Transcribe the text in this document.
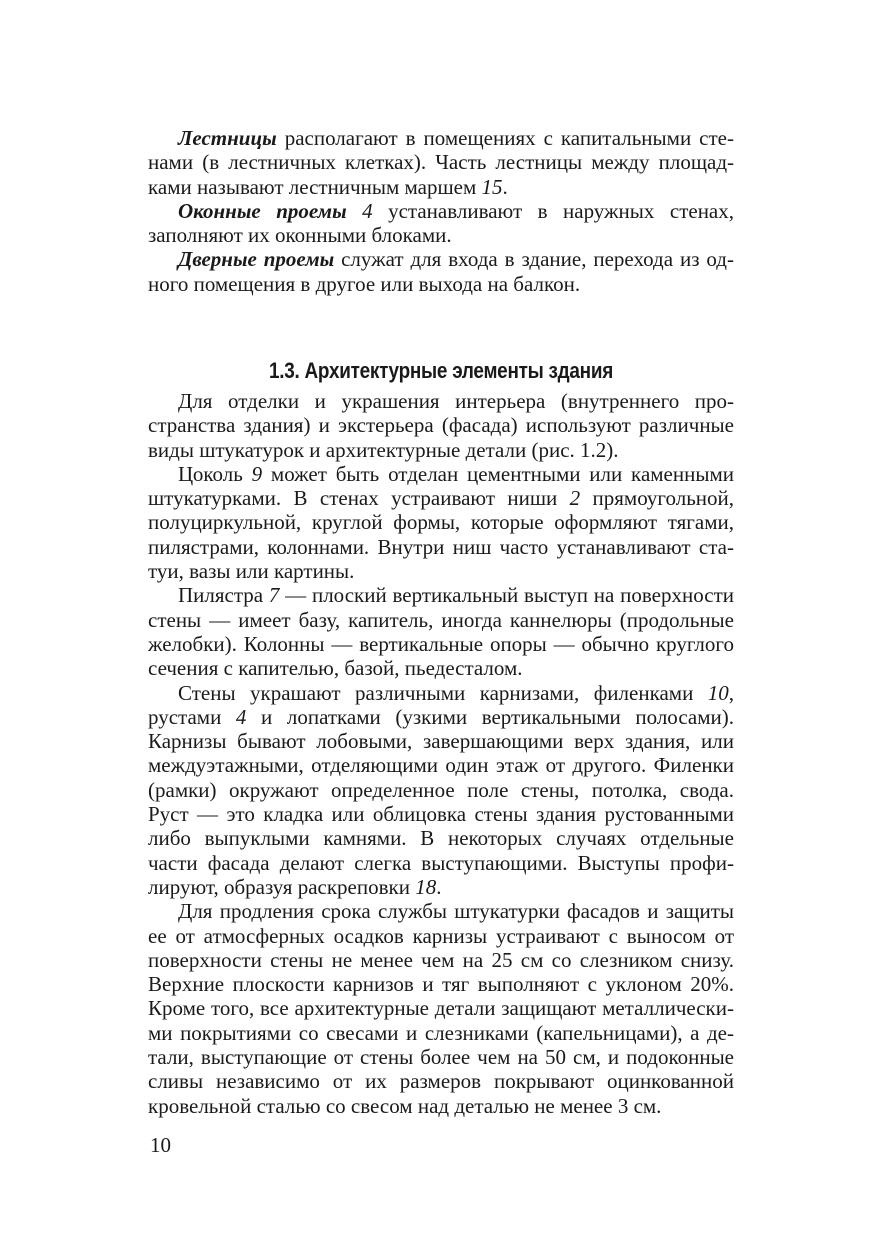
Лестницы располагают в помещениях с капитальными стенами (в лестничных клетках). Часть лестницы между площадками называют лестничным маршем 15.

Оконные проемы 4 устанавливают в наружных стенах, заполняют их оконными блоками.

Дверные проемы служат для входа в здание, перехода из одного помещения в другое или выхода на балкон.

1.3. Архитектурные элементы здания

Для отделки и украшения интерьера (внутреннего пространства здания) и экстерьера (фасада) используют различные виды штукатурок и архитектурные детали (рис. 1.2).

Цоколь 9 может быть отделан цементными или каменными штукатурками. В стенах устраивают ниши 2 прямоугольной, полуциркульной, круглой формы, которые оформляют тягами, пилястрами, колоннами. Внутри ниш часто устанавливают статуи, вазы или картины.

Пилястра 7 — плоский вертикальный выступ на поверхности стены — имеет базу, капитель, иногда каннелюры (продольные желобки). Колонны — вертикальные опоры — обычно круглого сечения с капителью, базой, пьедесталом.

Стены украшают различными карнизами, филенками 10, рустами 4 и лопатками (узкими вертикальными полосами). Карнизы бывают лобовыми, завершающими верх здания, или междуэтажными, отделяющими один этаж от другого. Филенки (рамки) окружают определенное поле стены, потолка, свода. Руст — это кладка или облицовка стены здания рустованными либо выпуклыми камнями. В некоторых случаях отдельные части фасада делают слегка выступающими. Выступы профилируют, образуя раскреповки 18.

Для продления срока службы штукатурки фасадов и защиты ее от атмосферных осадков карнизы устраивают с выносом от поверхности стены не менее чем на 25 см со слезником снизу. Верхние плоскости карнизов и тяг выполняют с уклоном 20%. Кроме того, все архитектурные детали защищают металлическими покрытиями со свесами и слезниками (капельницами), а детали, выступающие от стены более чем на 50 см, и подоконные сливы независимо от их размеров покрывают оцинкованной кровельной сталью со свесом над деталью не менее 3 см.

10
